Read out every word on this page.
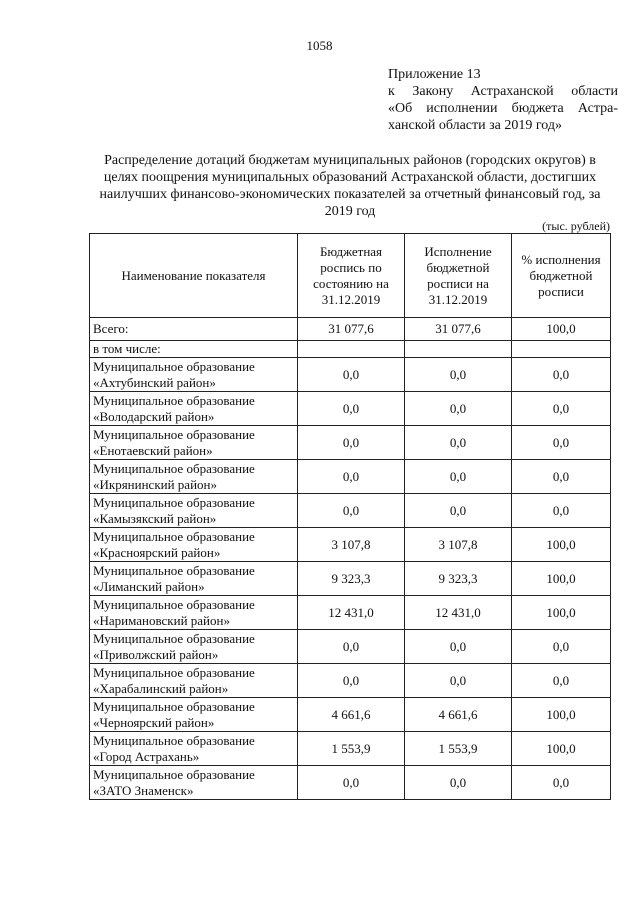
1058
Приложение 13
к Закону Астраханской области
«Об исполнении бюджета Астра-
ханской области за 2019 год»
Распределение дотаций бюджетам муниципальных районов (городских округов) в целях поощрения муниципальных образований Астраханской области, достигших наилучших финансово-экономических показателей за отчетный финансовый год, за 2019 год
(тыс. рублей)
Наименование показателя	Бюджетная роспись по состоянию на 31.12.2019	Исполнение бюджетной росписи на 31.12.2019	% исполнения бюджетной росписи
Всего:	31 077,6	31 077,6	100,0
в том числе:			

Муниципальное образование
«Ахтубинский район»	0,0	0,0	0,0

Муниципальное образование
«Володарский район»	0,0	0,0	0,0

Муниципальное образование
«Енотаевский район»	0,0	0,0	0,0

Муниципальное образование
«Икрянинский район»	0,0	0,0	0,0

Муниципальное образование
«Камызякский район»	0,0	0,0	0,0

Муниципальное образование
«Красноярский район»	3 107,8	3 107,8	100,0

Муниципальное образование
«Лиманский район»	9 323,3	9 323,3	100,0

Муниципальное образование
«Наримановский район»	12 431,0	12 431,0	100,0

Муниципальное образование
«Приволжский район»	0,0	0,0	0,0

Муниципальное образование
«Харабалинский район»	0,0	0,0	0,0

Муниципальное образование
«Черноярский район»	4 661,6	4 661,6	100,0

Муниципальное образование
«Город Астрахань»	1 553,9	1 553,9	100,0

Муниципальное образование
«ЗАТО Знаменск»	0,0	0,0	0,0
